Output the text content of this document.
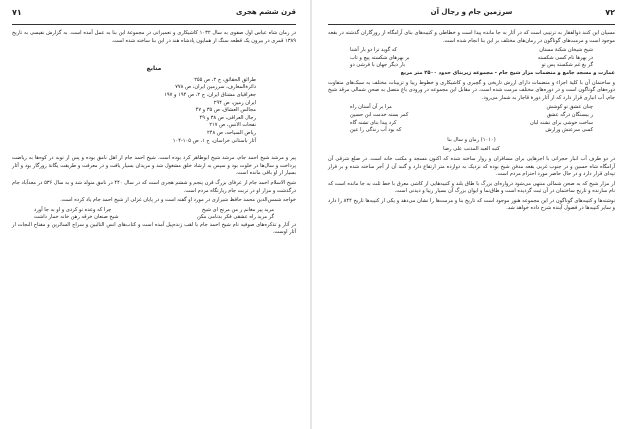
قرن ششم هجری
۷۱

در زمان شاه عباس اول صفوی به سال ۱۰۳۲ کاشیکاری و تعمیراتی در مجموعهٔ این بنا به عمل آمده است. به گزارش نفیسی به تاریخ ۱۳۸۹ قمری در بیرون یک قطعه سنگ از همایون پادشاه هند در این بنا ساخته شده است.

منابع

طرائق الحقائق، ج ۲، ص ۲۵۵

دائرة‌المعارف، سرزمین ایران، ص ۷۷۸

جغرافیای مشتاق ایران، ج ۲، ص ۱۹۴ و ۱۹۷

ایران زمین، ص ۲۹۴

مجالس العشاق، ص ۳۵ و ۴۷

رجال العراقی، ص ۳۸ و ۴۹

نفحات الانس، ص ۲۱۷

ریاض السیاحه، ص ۲۴۸

آثار باستانی خراسان، ج ۱، ص ۱۰۵-۱۰۴

پیر و مرشد شیخ احمد جام، مرشد شیخ ابوطاهر کرد بوده است. شیخ احمد جام از اهل نامق بوده و پس از توبه در کوه‌ها به ریاضت پرداخت و سال‌ها در خلوت بود و سپس به ارشاد خلق مشغول شد و مریدان بسیار یافت و در معرفت و طریقت یگانهٔ روزگار بود و آثار بسیار از او باقی مانده است.

شیخ الاسلام احمد جام از عرفای بزرگ قرن پنجم و ششم هجری است که در سال ۴۴۰ در نامق متولد شد و به سال ۵۳۶ در معدآباد جام درگذشت و مزار او در تربت جام زیارتگاه مردم است.

خواجه شمس‌الدین محمد حافظ شیرازی در مورد او گفته است و در پایان غزلی از شیخ احمد جام یاد کرده است.

مرید پیر مغانم ز من مرنج ای شیخ
چرا که وعده تو کردی و او به جا آورد
گر مرید راه عشقی فکر بدنامی مکن
شیخ صنعان خرقه رهن خانه خمار داشت

در آثار و تذکره‌های صوفیه نام شیخ احمد جام با لقب ژنده‌پیل آمده است و کتاب‌های انس التائبین و سراج السائرین و مفتاح النجات از آثار اوست.

۷۲
سرزمین جام و رجال آن

مسیان این کنند ذوالفقار به ترتیبی است که در آثار به جا مانده پیدا است و خطاطی و کتیبه‌های بنای آرامگاه از روزگاران گذشته در بقعه موجود است و مرمت‌های گوناگون در زمان‌های مختلف بر این بنا انجام شده است.

شیخ شیخان شکنهٔ مستان
که گوید ترا دو بار آشنا
در بهرها نام کسی شکسته
بر بهر‌های شکسته پیچ و تاب
گر بغ غم شکسته پس تو
بار دیگر جهان با فرشی دو

عمارت و مسجد جامع و منضمات مزار شیخ جام - مجموعه زیربنای حدود ۲۵۰۰ متر مربع

و ساختمان آن با کلیهٔ اجزاء و منضمات دارای ارزش تاریخی و گچبری و کاشیکاری و خطوط زیبا و تزیینات مختلف به سبک‌های متفاوت دوره‌های گوناگون است و در دوره‌های مختلف مرمت شده است. در مقابل این مجموعه در ورودی باغ متصل به صحن شمالی مرقد شیخ جام، آب انباری قرار دارد که از آثار دورهٔ قاجار به شمار می‌رود.

چنان عشق تو کوشش
مرا بر آن آستان راه
ز بیستگان درگه عشق
کمر بسته خدمت ابن حسین
ساخت خوشی برای تشنه لبان
کرد پیدا بنای تشنه گاه
کسی سرعتش وزارش
که بود آب زندگی را عین
(۱۰۱۰) زمان و سال بنا
کتبه العبد المذنب علی رضا

در دو طرف آب انبار حجراتی با اجرهایی برای مسافران و زوار ساخته شده که اکنون مسجد و مکتب خانه است. در ضلع شرقی آن آرامگاه شاه حسین و در جنوب غربی بقعه مدفن شیخ بوده که نزدیک به دوازده متر ارتفاع دارد و گنبد آن از آجر ساخته شده و بر فراز تپه‌ای قرار دارد و در حال حاضر مورد احترام مردم است.

از مزار شیخ که به صحن شمالی منتهی می‌شود دروازه‌ای بزرگ با طاق بلند و کتیبه‌هایی از کاشی معرق با خط ثلث به جا مانده است که نام سازنده و تاریخ ساختمان در آن ثبت گردیده است و طاق‌نما و ایوان بزرگ آن بسیار زیبا و دیدنی است.

نوشته‌ها و کتیبه‌های گوناگون در این مجموعه هنوز موجود است که تاریخ بنا و مرمت‌ها را نشان می‌دهد و یکی از کتیبه‌ها تاریخ ۸۴۴ را دارد و سایر کتیبه‌ها در فصول آینده شرح داده خواهد شد.
